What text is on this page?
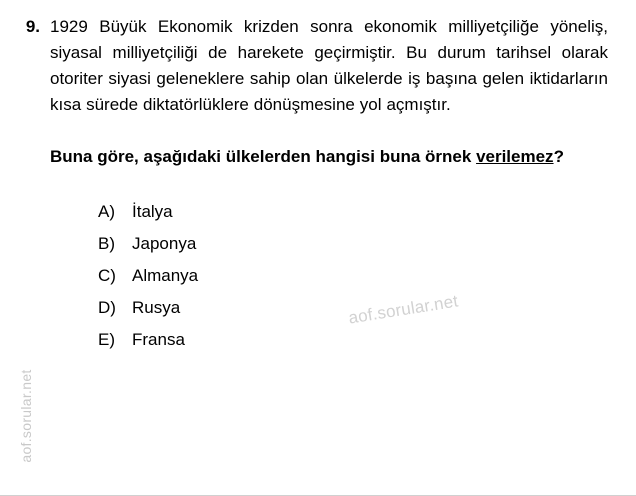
aof.sorular.net
aof.sorular.net
9. 1929 Büyük Ekonomik krizden sonra ekonomik milliyetçiliğe yöneliş, siyasal milliyetçiliği de harekete geçirmiştir. Bu durum tarihsel olarak otoriter siyasi geleneklere sahip olan ülkelerde iş başına gelen iktidarların kısa sürede diktatörlüklere dönüşmesine yol açmıştır.
Buna göre, aşağıdaki ülkelerden hangisi buna örnek verilemez?
A)	İtalya
B)	Japonya
C) Almanya
D) Rusya
E)	Fransa
